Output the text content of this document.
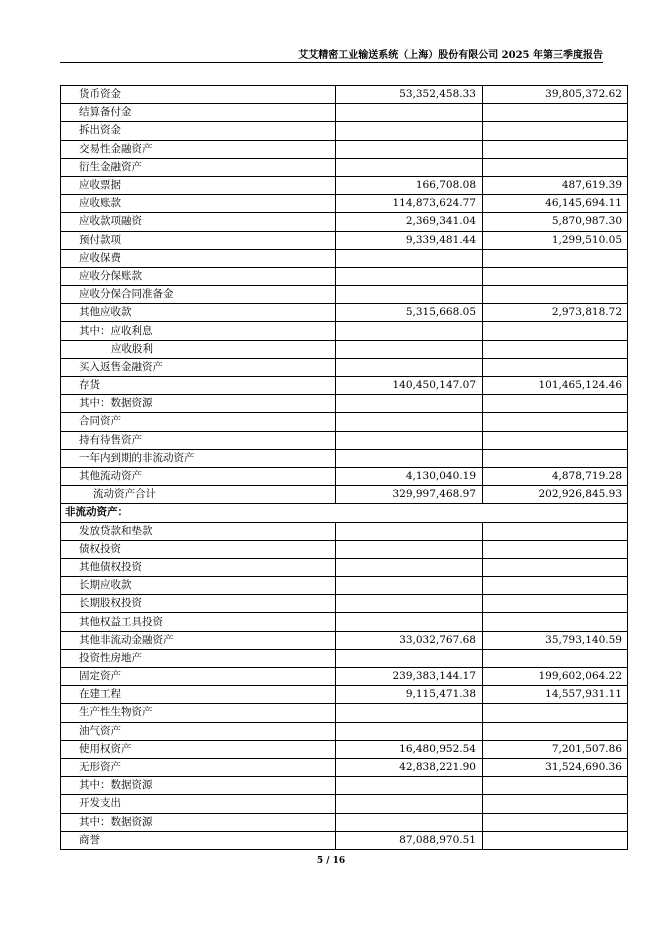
艾艾精密工业输送系统（上海）股份有限公司 2025 年第三季度报告
货币资金	53,352,458.33	39,805,372.62
结算备付金		
拆出资金		
交易性金融资产		
衍生金融资产		
应收票据	166,708.08	487,619.39
应收账款	114,873,624.77	46,145,694.11
应收款项融资	2,369,341.04	5,870,987.30
预付款项	9,339,481.44	1,299,510.05
应收保费		
应收分保账款		
应收分保合同准备金		
其他应收款	5,315,668.05	2,973,818.72
其中：应收利息		
应收股利		
买入返售金融资产		
存货	140,450,147.07	101,465,124.46
其中：数据资源		
合同资产		
持有待售资产		
一年内到期的非流动资产		
其他流动资产	4,130,040.19	4,878,719.28
流动资产合计	329,997,468.97	202,926,845.93
非流动资产：		
发放贷款和垫款		
债权投资		
其他债权投资		
长期应收款		
长期股权投资		
其他权益工具投资		
其他非流动金融资产	33,032,767.68	35,793,140.59
投资性房地产		
固定资产	239,383,144.17	199,602,064.22
在建工程	9,115,471.38	14,557,931.11
生产性生物资产		
油气资产		
使用权资产	16,480,952.54	7,201,507.86
无形资产	42,838,221.90	31,524,690.36
其中：数据资源		
开发支出		
其中：数据资源		
商誉	87,088,970.51	
5 / 16
